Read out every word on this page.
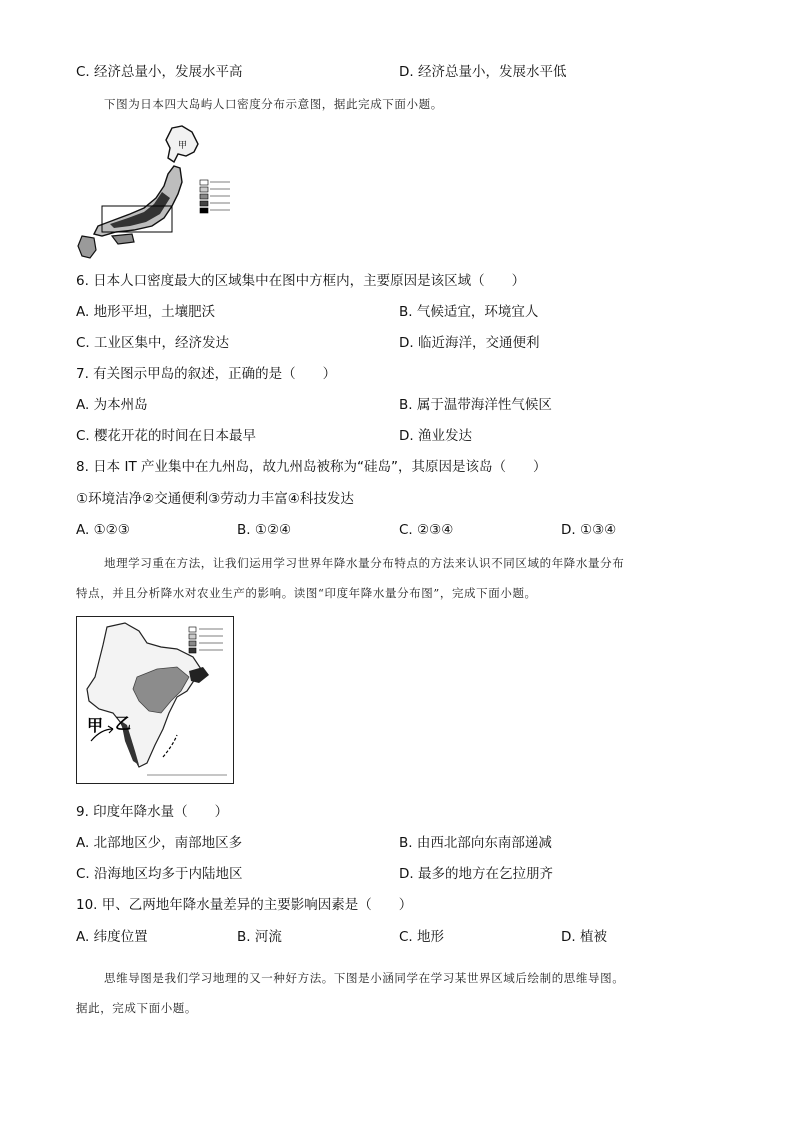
C. 经济总量小，发展水平高	D. 经济总量小，发展水平低
下图为日本四大岛屿人口密度分布示意图，据此完成下面小题。
甲
6. 日本人口密度最大的区域集中在图中方框内，主要原因是该区域（　　）
A. 地形平坦，土壤肥沃	B. 气候适宜，环境宜人
C. 工业区集中，经济发达	D. 临近海洋，交通便利
7. 有关图示甲岛的叙述，正确的是（　　）
A. 为本州岛	B. 属于温带海洋性气候区
C. 樱花开花的时间在日本最早	D. 渔业发达
8. 日本 IT 产业集中在九州岛，故九州岛被称为“硅岛”，其原因是该岛（　　）
①环境洁净②交通便利③劳动力丰富④科技发达
A. ①②③	B. ①②④	C. ②③④	D. ①③④
地理学习重在方法，让我们运用学习世界年降水量分布特点的方法来认识不同区域的年降水量分布
特点，并且分析降水对农业生产的影响。读图“印度年降水量分布图”，完成下面小题。
甲 乙
9. 印度年降水量（　　）
A. 北部地区少，南部地区多	B. 由西北部向东南部递减
C. 沿海地区均多于内陆地区	D. 最多的地方在乞拉朋齐
10. 甲、乙两地年降水量差异的主要影响因素是（　　）
A. 纬度位置	B. 河流	C. 地形	D. 植被
思维导图是我们学习地理的又一种好方法。下图是小涵同学在学习某世界区域后绘制的思维导图。
据此，完成下面小题。
